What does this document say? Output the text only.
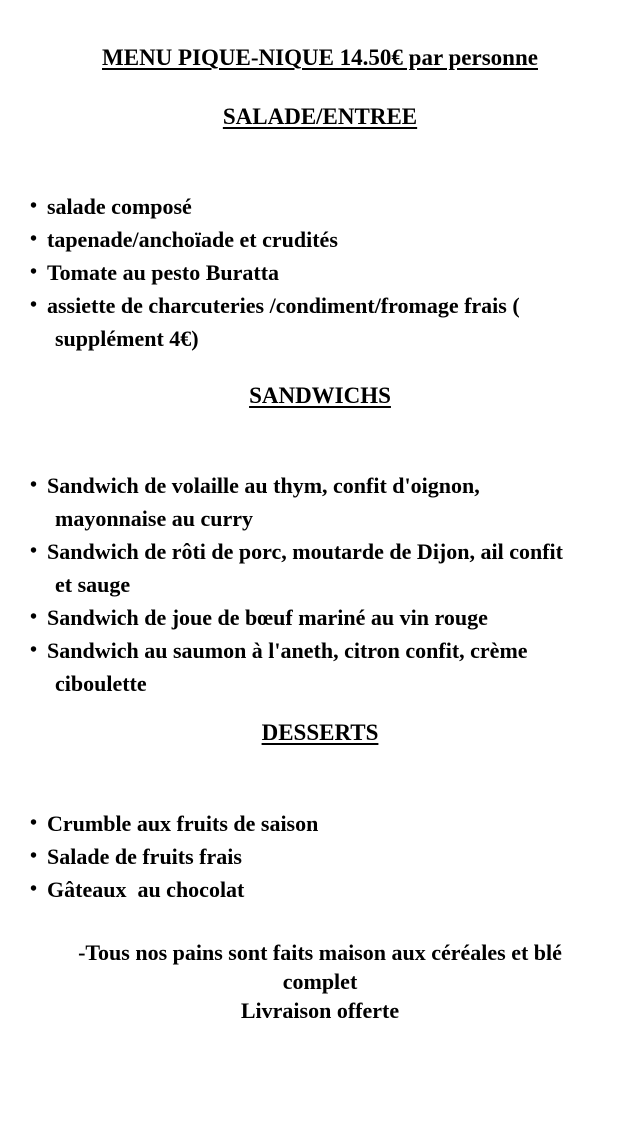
MENU PIQUE-NIQUE 14.50€ par personne
SALADE/ENTREE
• salade composé
• tapenade/anchoïade et crudités
• Tomate au pesto Buratta
• assiette de charcuteries /condiment/fromage frais (
supplément 4€)
SANDWICHS
• Sandwich de volaille au thym, confit d'oignon,
mayonnaise au curry
• Sandwich de rôti de porc, moutarde de Dijon, ail confit
et sauge
• Sandwich de joue de bœuf mariné au vin rouge
• Sandwich au saumon à l'aneth, citron confit, crème
ciboulette
DESSERTS
• Crumble aux fruits de saison
• Salade de fruits frais
• Gâteaux  au chocolat
-Tous nos pains sont faits maison aux céréales et blé
complet
Livraison offerte
